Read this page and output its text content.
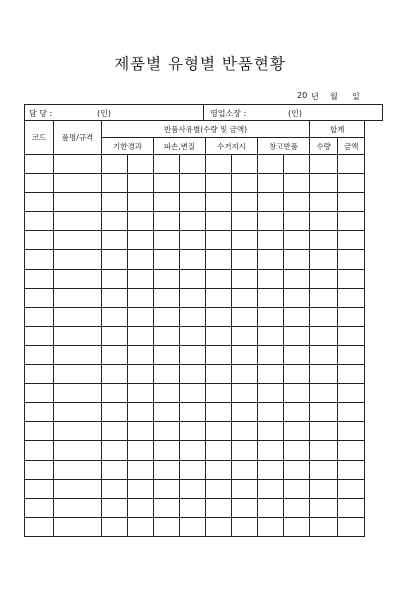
제품별 유형별 반품현황
20 년 월 일
담 당 :	(인)	영업소장 :	(인)
코드	품명/규격	반품사유별(수량 및 금액)								합계	
		기한경과		파손,변질		수거지시		창고반품		수량	금액
